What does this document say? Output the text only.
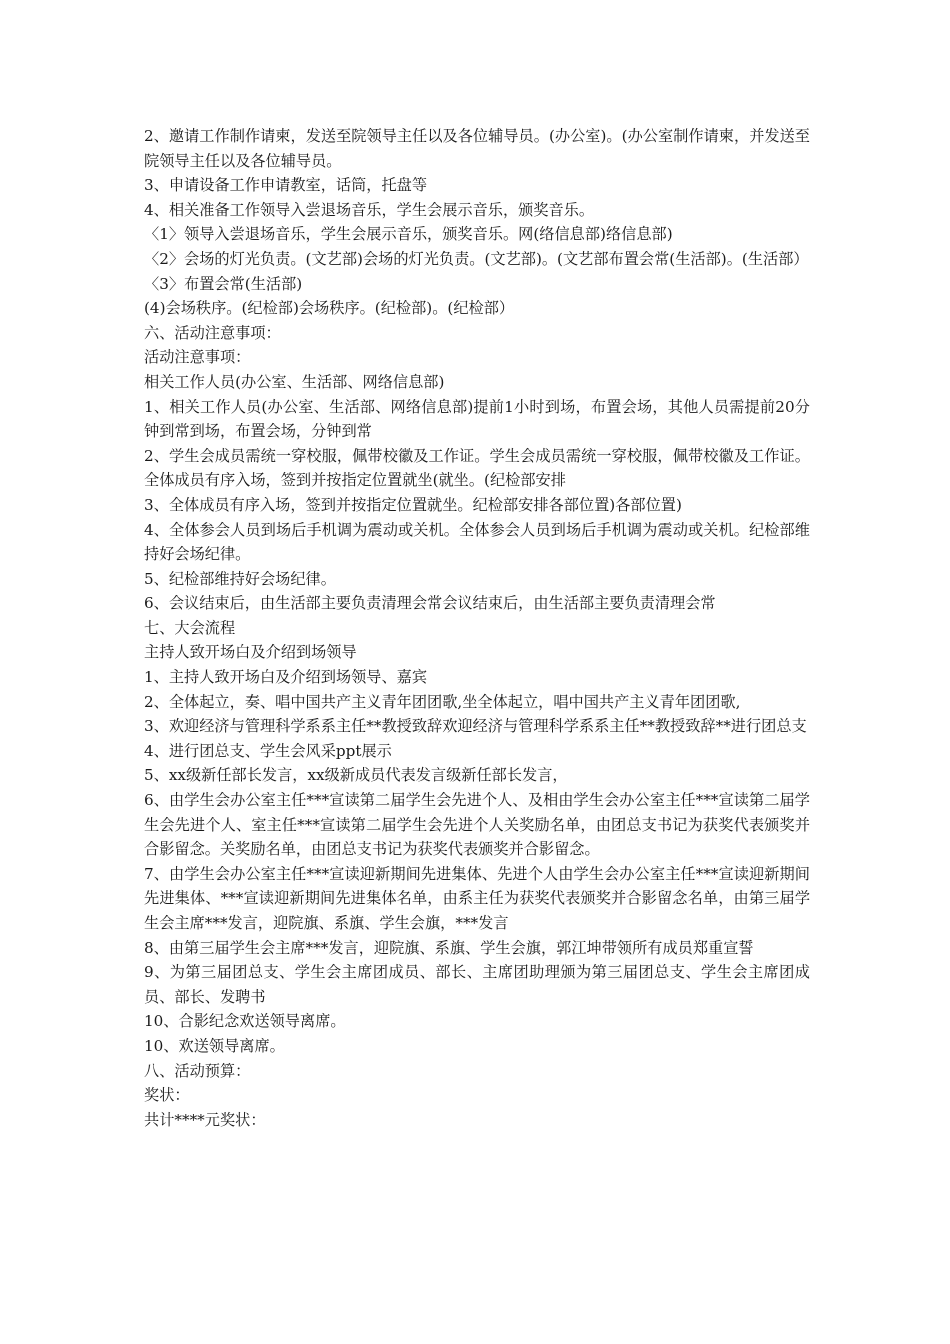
2、邀请工作制作请柬，发送至院领导主任以及各位辅导员。(办公室)。(办公室制作请柬，并发送至院领导主任以及各位辅导员。

3、申请设备工作申请教室，话筒，托盘等

4、相关准备工作领导入尝退场音乐，学生会展示音乐，颁奖音乐。

〈1〉领导入尝退场音乐，学生会展示音乐，颁奖音乐。网(络信息部)络信息部)

〈2〉会场的灯光负责。(文艺部)会场的灯光负责。(文艺部)。(文艺部布置会常(生活部)。(生活部）

〈3〉布置会常(生活部)

(4)会场秩序。(纪检部)会场秩序。(纪检部)。(纪检部）

六、活动注意事项：

活动注意事项：

相关工作人员(办公室、生活部、网络信息部)

1、相关工作人员(办公室、生活部、网络信息部)提前1小时到场，布置会场，其他人员需提前20分钟到常到场，布置会场，分钟到常

2、学生会成员需统一穿校服，佩带校徽及工作证。学生会成员需统一穿校服，佩带校徽及工作证。全体成员有序入场，签到并按指定位置就坐(就坐。(纪检部安排

3、全体成员有序入场，签到并按指定位置就坐。纪检部安排各部位置)各部位置)

4、全体参会人员到场后手机调为震动或关机。全体参会人员到场后手机调为震动或关机。纪检部维持好会场纪律。

5、纪检部维持好会场纪律。

6、会议结束后，由生活部主要负责清理会常会议结束后，由生活部主要负责清理会常

七、大会流程

主持人致开场白及介绍到场领导

1、主持人致开场白及介绍到场领导、嘉宾

2、全体起立，奏、唱中国共产主义青年团团歌,坐全体起立，唱中国共产主义青年团团歌,

3、欢迎经济与管理科学系系主任**教授致辞欢迎经济与管理科学系系主任**教授致辞**进行团总支

4、进行团总支、学生会风采ppt展示

5、xx级新任部长发言，xx级新成员代表发言级新任部长发言，

6、由学生会办公室主任***宣读第二届学生会先进个人、及相由学生会办公室主任***宣读第二届学生会先进个人、室主任***宣读第二届学生会先进个人关奖励名单，由团总支书记为获奖代表颁奖并合影留念。关奖励名单，由团总支书记为获奖代表颁奖并合影留念。

7、由学生会办公室主任***宣读迎新期间先进集体、先进个人由学生会办公室主任***宣读迎新期间先进集体、***宣读迎新期间先进集体名单，由系主任为获奖代表颁奖并合影留念名单，由第三届学生会主席***发言，迎院旗、系旗、学生会旗，***发言

8、由第三届学生会主席***发言，迎院旗、系旗、学生会旗，郭江坤带领所有成员郑重宣誓

9、为第三届团总支、学生会主席团成员、部长、主席团助理颁为第三届团总支、学生会主席团成员、部长、发聘书

10、合影纪念欢送领导离席。

10、欢送领导离席。

八、活动预算：

奖状：

共计****元奖状：
